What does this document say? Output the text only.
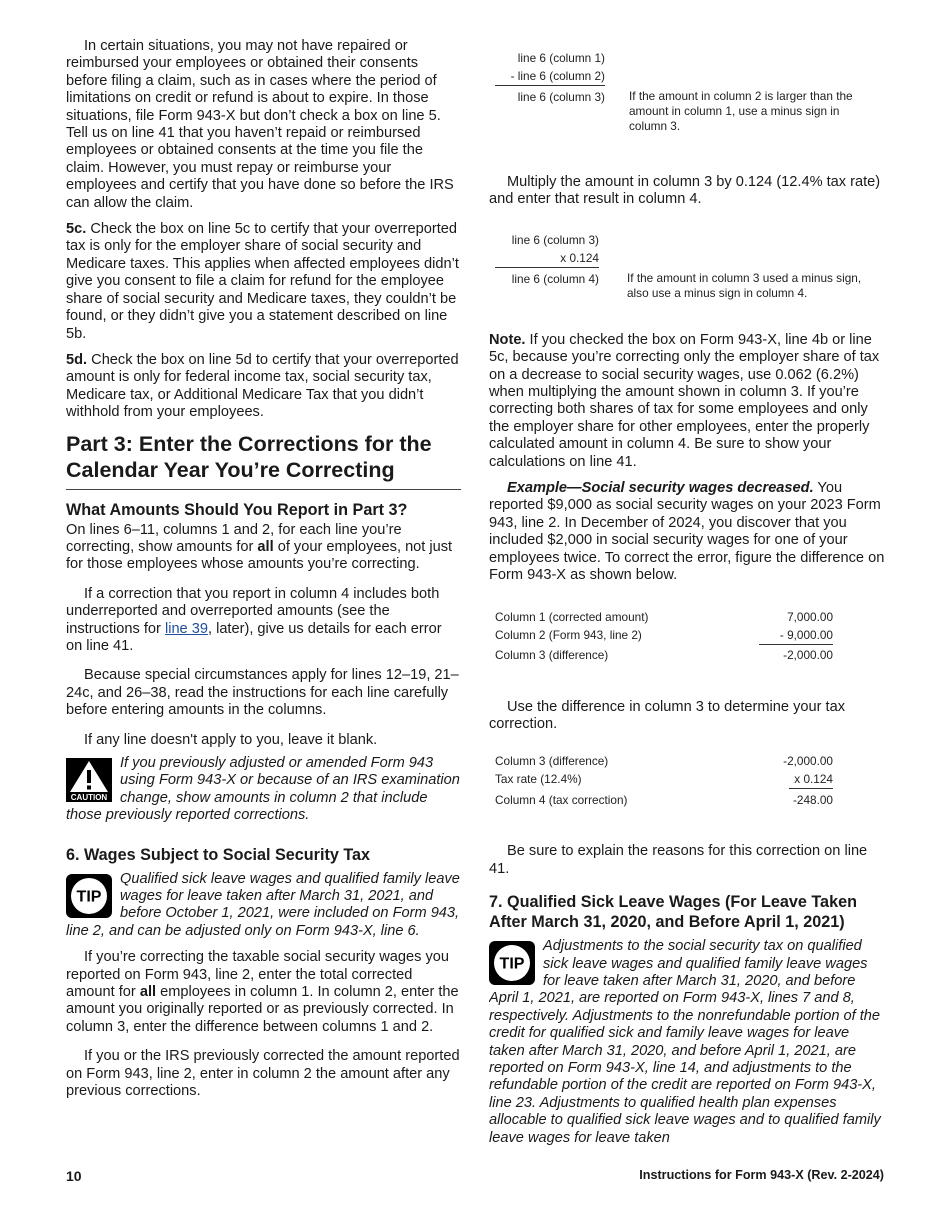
In certain situations, you may not have repaired or reimbursed your employees or obtained their consents before filing a claim, such as in cases where the period of limitations on credit or refund is about to expire. In those situations, file Form 943-X but don’t check a box on line 5. Tell us on line 41 that you haven’t repaid or reimbursed employees or obtained consents at the time you file the claim. However, you must repay or reimburse your employees and certify that you have done so before the IRS can allow the claim.

5c. Check the box on line 5c to certify that your overreported tax is only for the employer share of social security and Medicare taxes. This applies when affected employees didn’t give you consent to file a claim for refund for the employee share of social security and Medicare taxes, they couldn’t be found, or they didn’t give you a statement described on line 5b.

5d. Check the box on line 5d to certify that your overreported amount is only for federal income tax, social security tax, Medicare tax, or Additional Medicare Tax that you didn’t withhold from your employees.

Part 3: Enter the Corrections for the Calendar Year You’re Correcting
What Amounts Should You Report in Part 3?

On lines 6–11, columns 1 and 2, for each line you’re correcting, show amounts for all of your employees, not just for those employees whose amounts you’re correcting.

If a correction that you report in column 4 includes both underreported and overreported amounts (see the instructions for line 39, later), give us details for each error on line 41.

Because special circumstances apply for lines 12–19, 21–24c, and 26–38, read the instructions for each line carefully before entering amounts in the columns.

If any line doesn't apply to you, leave it blank.

CAUTION
If you previously adjusted or amended Form 943 using Form 943-X or because of an IRS examination change, show amounts in column 2 that include those previously reported corrections.
6. Wages Subject to Social Security Tax
TIP
Qualified sick leave wages and qualified family leave wages for leave taken after March 31, 2021, and before October 1, 2021, were included on Form 943, line 2, and can be adjusted only on Form 943-X, line 6.

If you’re correcting the taxable social security wages you reported on Form 943, line 2, enter the total corrected amount for all employees in column 1. In column 2, enter the amount you originally reported or as previously corrected. In column 3, enter the difference between columns 1 and 2.

If you or the IRS previously corrected the amount reported on Form 943, line 2, enter in column 2 the amount after any previous corrections.

line 6 (column 1)
- line 6 (column 2)
line 6 (column 3) If the amount in column 2 is larger than the amount in column 1, use a minus sign in column 3.

Multiply the amount in column 3 by 0.124 (12.4% tax rate) and enter that result in column 4.

line 6 (column 3)
x 0.124
line 6 (column 4) If the amount in column 3 used a minus sign, also use a minus sign in column 4.

Note. If you checked the box on Form 943-X, line 4b or line 5c, because you’re correcting only the employer share of tax on a decrease to social security wages, use 0.062 (6.2%) when multiplying the amount shown in column 3. If you’re correcting both shares of tax for some employees and only the employer share for other employees, enter the properly calculated amount in column 4. Be sure to show your calculations on line 41.

Example—Social security wages decreased. You reported $9,000 as social security wages on your 2023 Form 943, line 2. In December of 2024, you discover that you included $2,000 in social security wages for one of your employees twice. To correct the error, figure the difference on Form 943-X as shown below.

Column 1 (corrected amount)	7,000.00
Column 2 (Form 943, line 2)	- 9,000.00
Column 3 (difference)	-2,000.00

Use the difference in column 3 to determine your tax correction.

Column 3 (difference)	-2,000.00
Tax rate (12.4%)	x 0.124
Column 4 (tax correction)	-248.00

Be sure to explain the reasons for this correction on line 41.

7. Qualified Sick Leave Wages (For Leave Taken After March 31, 2020, and Before April 1, 2021)
TIP
Adjustments to the social security tax on qualified sick leave wages and qualified family leave wages for leave taken after March 31, 2020, and before April 1, 2021, are reported on Form 943-X, lines 7 and 8, respectively. Adjustments to the nonrefundable portion of the credit for qualified sick and family leave wages for leave taken after March 31, 2020, and before April 1, 2021, are reported on Form 943-X, line 14, and adjustments to the refundable portion of the credit are reported on Form 943-X, line 23. Adjustments to qualified health plan expenses allocable to qualified sick leave wages and to qualified family leave wages for leave taken
10	Instructions for Form 943-X (Rev. 2-2024)
